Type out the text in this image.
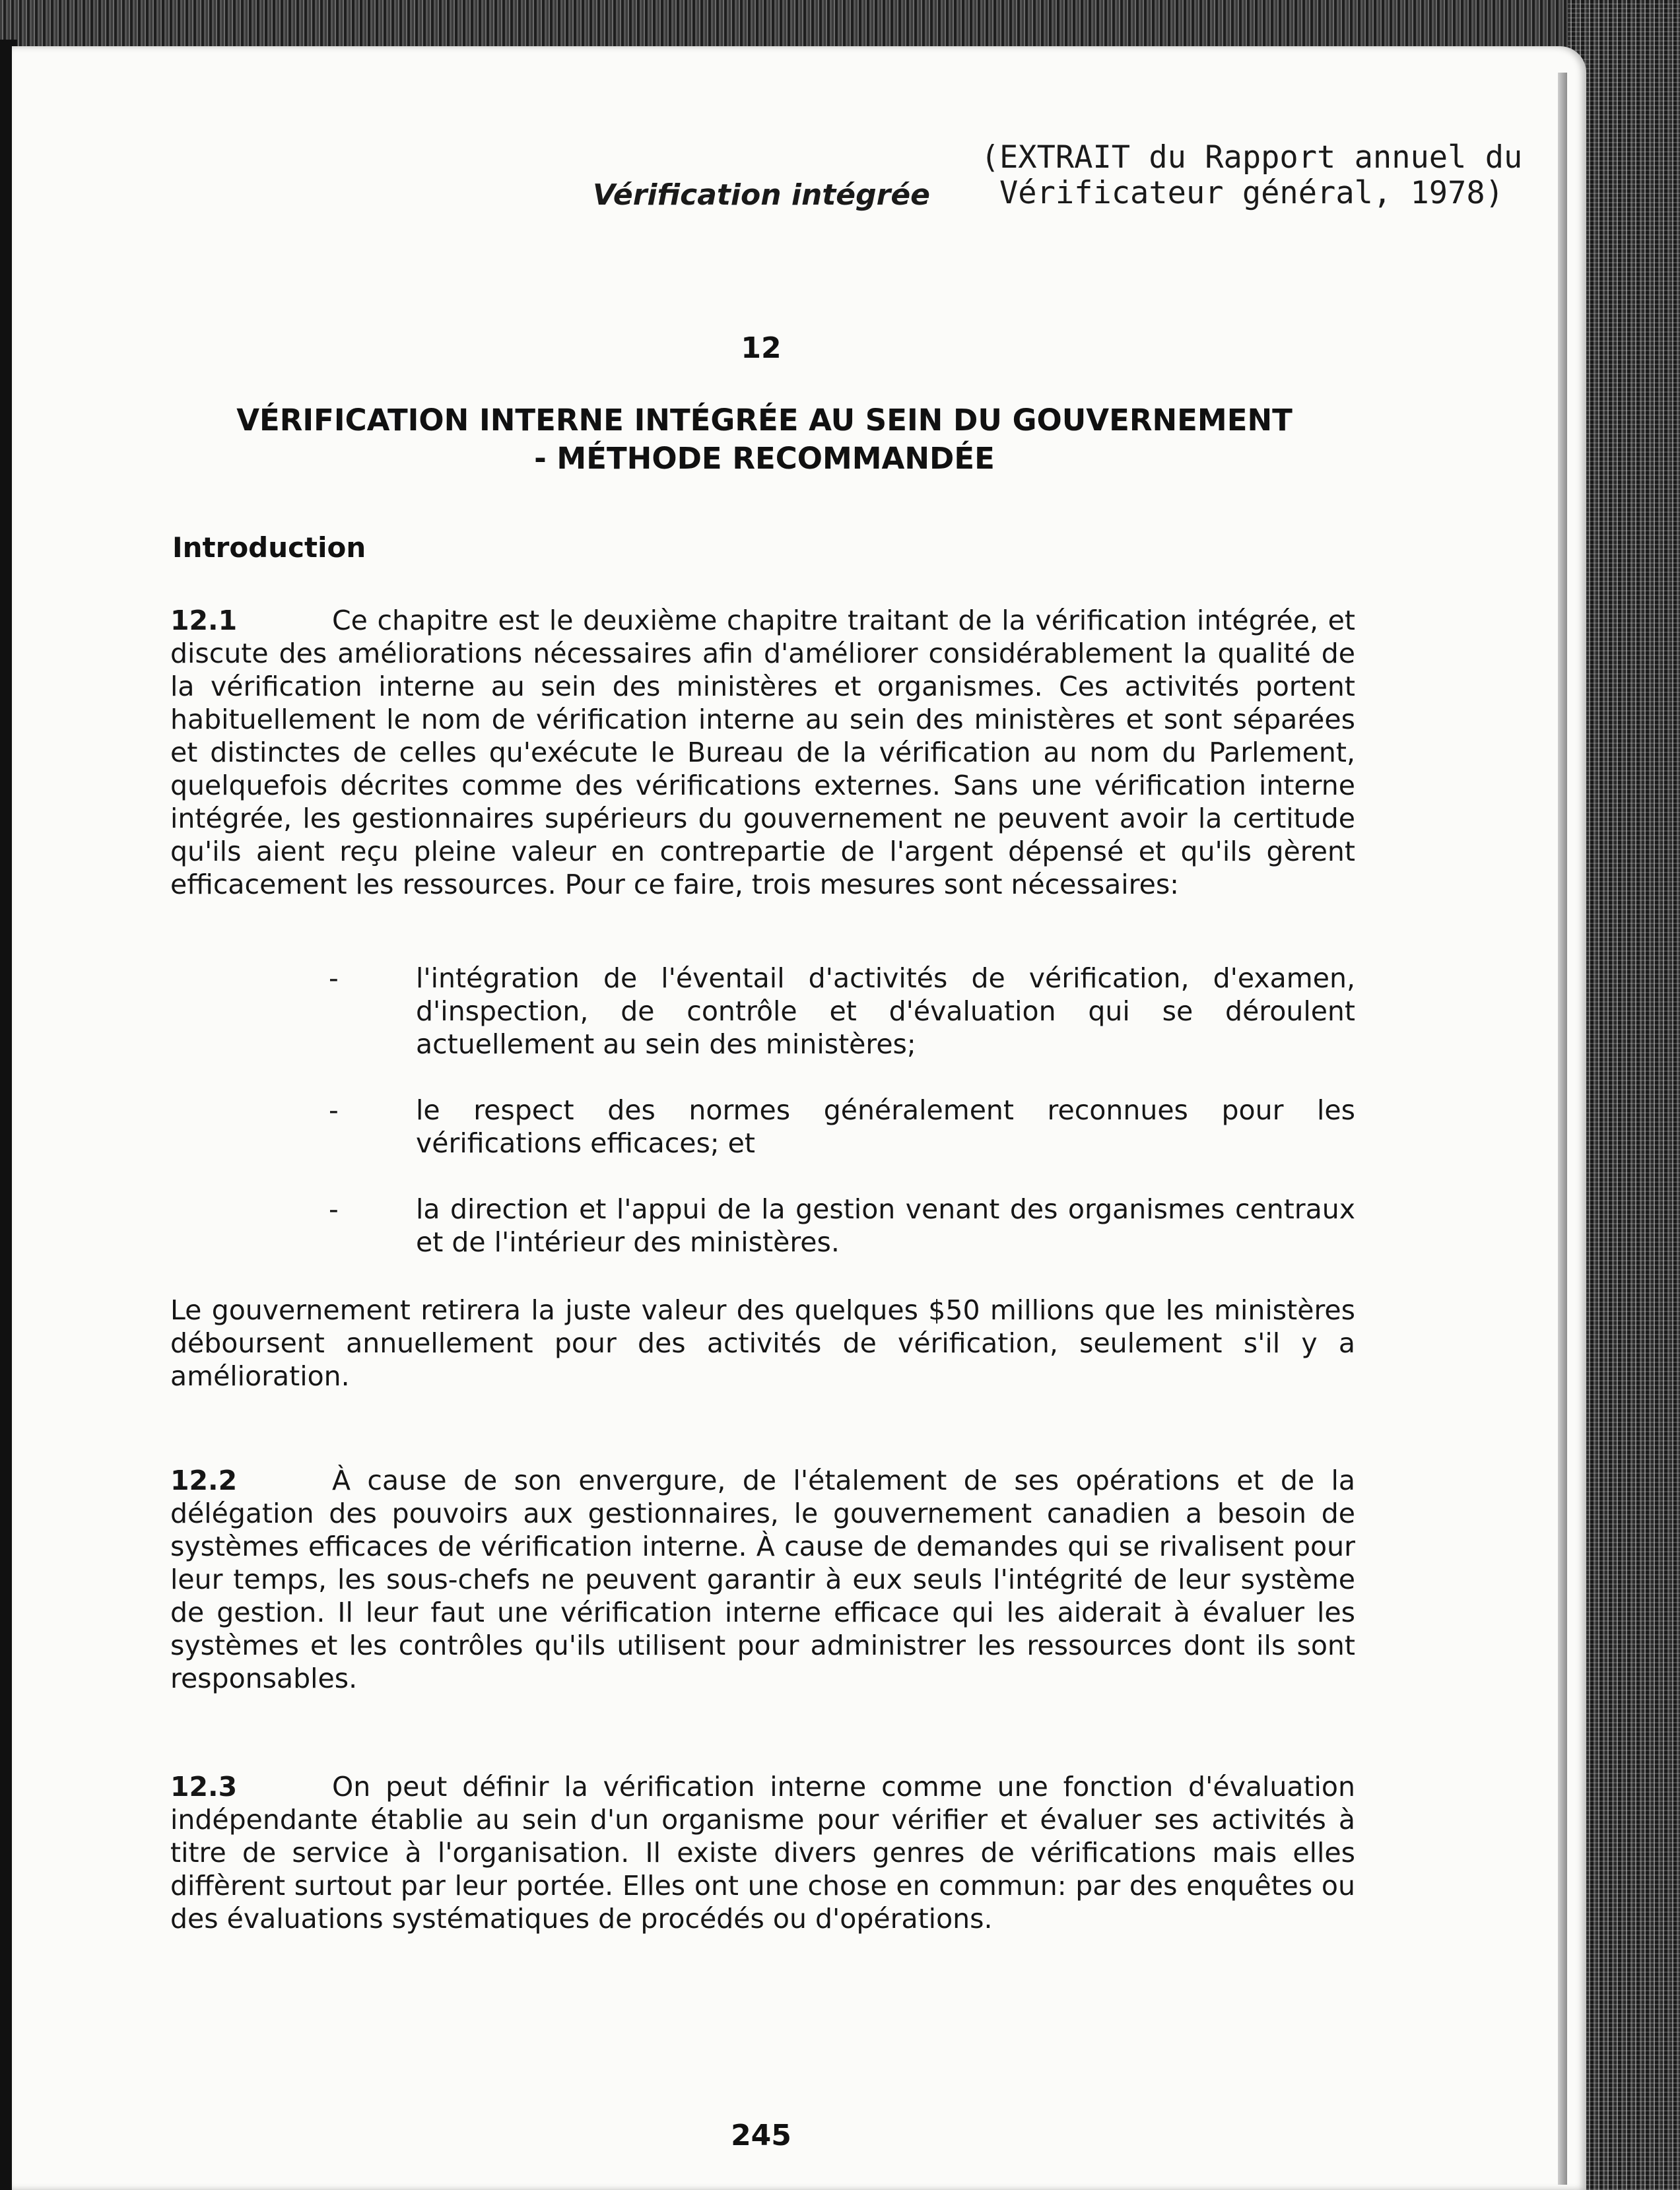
(EXTRAIT du Rapport annuel du
Vérificateur général, 1978)
Vérification intégrée
12
VÉRIFICATION INTERNE INTÉGRÉE AU SEIN DU GOUVERNEMENT
- MÉTHODE RECOMMANDÉE
Introduction
12.1	Ce chapitre est le deuxième chapitre traitant de la vérification intégrée, et discute des améliorations nécessaires afin d'améliorer considérablement la qualité de la vérification interne au sein des ministères et organismes. Ces activités portent habituellement le nom de vérification interne au sein des ministères et sont séparées et distinctes de celles qu'exécute le Bureau de la vérification au nom du Parlement, quelquefois décrites comme des vérifications externes. Sans une vérification interne intégrée, les gestionnaires supérieurs du gouvernement ne peuvent avoir la certitude qu'ils aient reçu pleine valeur en contrepartie de l'argent dépensé et qu'ils gèrent efficacement les ressources. Pour ce faire, trois mesures sont nécessaires:
-	l'intégration de l'éventail d'activités de vérification, d'examen, d'inspection, de contrôle et d'évaluation qui se déroulent actuellement au sein des ministères;
-	le respect des normes généralement reconnues pour les vérifications efficaces; et
-	la direction et l'appui de la gestion venant des organismes centraux et de l'intérieur des ministères.
Le gouvernement retirera la juste valeur des quelques $50 millions que les ministères déboursent annuellement pour des activités de vérification, seulement s'il y a amélioration.
12.2	À cause de son envergure, de l'étalement de ses opérations et de la délégation des pouvoirs aux gestionnaires, le gouvernement canadien a besoin de systèmes efficaces de vérification interne. À cause de demandes qui se rivalisent pour leur temps, les sous-chefs ne peuvent garantir à eux seuls l'intégrité de leur système de gestion. Il leur faut une vérification interne efficace qui les aiderait à évaluer les systèmes et les contrôles qu'ils utilisent pour administrer les ressources dont ils sont responsables.
12.3	On peut définir la vérification interne comme une fonction d'évaluation indépendante établie au sein d'un organisme pour vérifier et évaluer ses activités à titre de service à l'organisation. Il existe divers genres de vérifications mais elles diffèrent surtout par leur portée. Elles ont une chose en commun: par des enquêtes ou des évaluations systématiques de procédés ou d'opérations.
245
